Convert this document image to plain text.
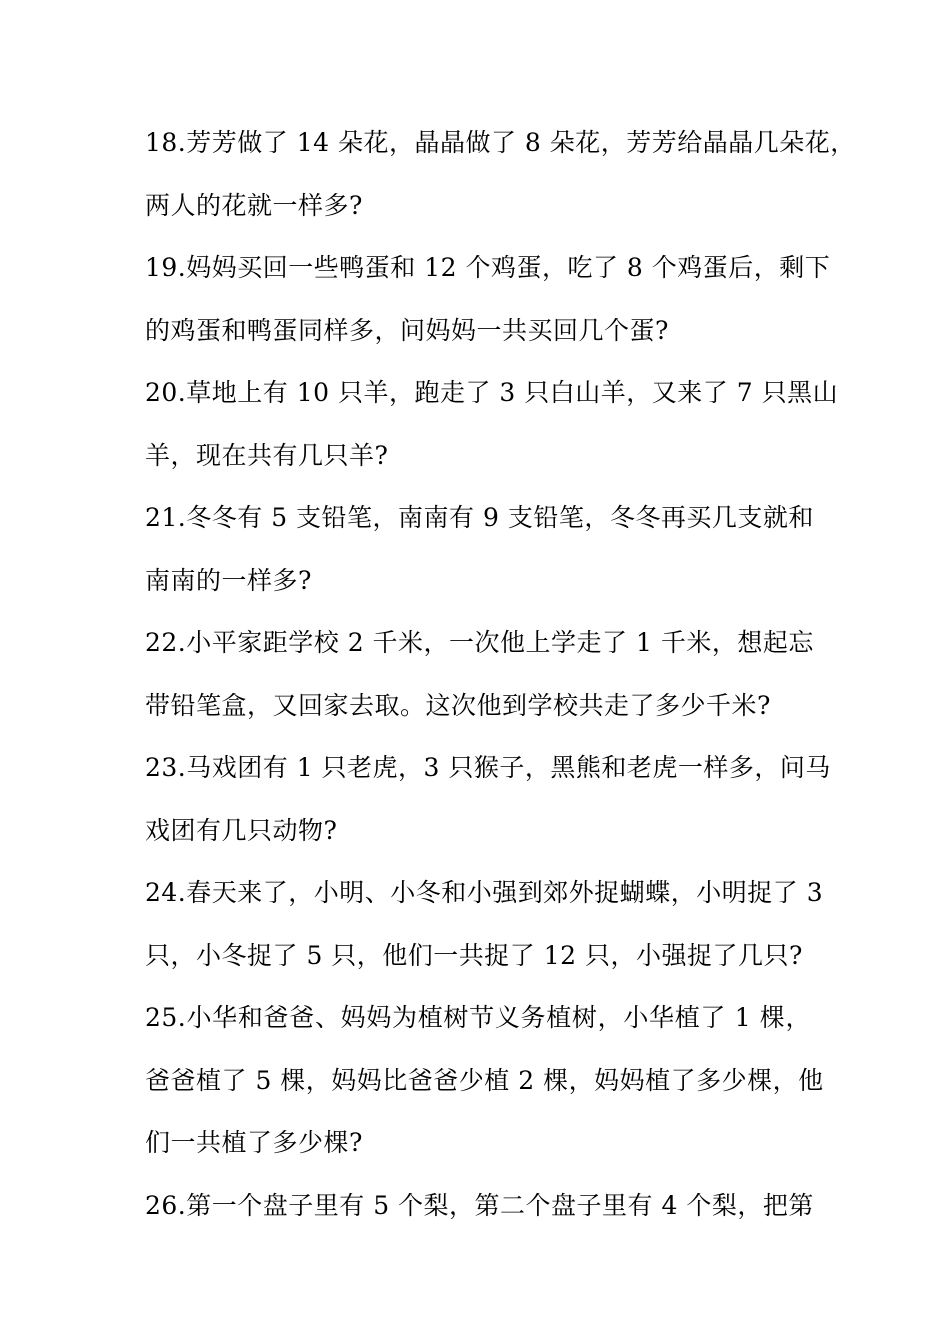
18.芳芳做了 14 朵花，晶晶做了 8 朵花，芳芳给晶晶几朵花，
两人的花就一样多?
19.妈妈买回一些鸭蛋和 12 个鸡蛋，吃了 8 个鸡蛋后，剩下
的鸡蛋和鸭蛋同样多，问妈妈一共买回几个蛋?
20.草地上有 10 只羊，跑走了 3 只白山羊，又来了 7 只黑山
羊，现在共有几只羊?
21.冬冬有 5 支铅笔，南南有 9 支铅笔，冬冬再买几支就和
南南的一样多?
22.小平家距学校 2 千米，一次他上学走了 1 千米，想起忘
带铅笔盒，又回家去取。这次他到学校共走了多少千米?
23.马戏团有 1 只老虎，3 只猴子，黑熊和老虎一样多，问马
戏团有几只动物?
24.春天来了，小明、小冬和小强到郊外捉蝴蝶，小明捉了 3
只，小冬捉了 5 只，他们一共捉了 12 只，小强捉了几只?
25.小华和爸爸、妈妈为植树节义务植树，小华植了 1 棵，
爸爸植了 5 棵，妈妈比爸爸少植 2 棵，妈妈植了多少棵，他
们一共植了多少棵?
26.第一个盘子里有 5 个梨，第二个盘子里有 4 个梨，把第
